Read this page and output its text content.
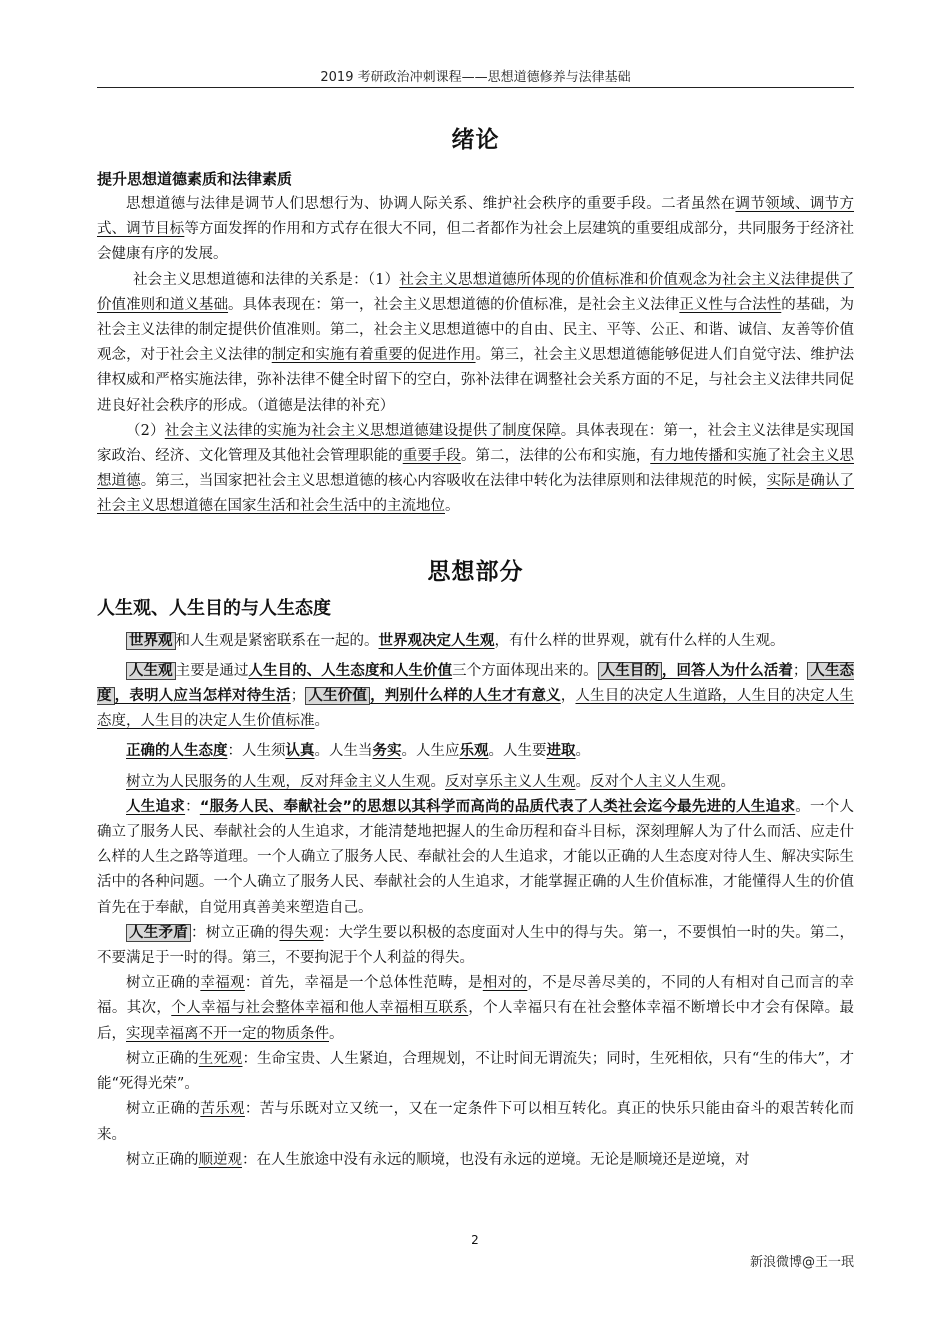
2019 考研政治冲刺课程——思想道德修养与法律基础
绪论
提升思想道德素质和法律素质

思想道德与法律是调节人们思想行为、协调人际关系、维护社会秩序的重要手段。二者虽然在调节领域、调节方式、调节目标等方面发挥的作用和方式存在很大不同，但二者都作为社会上层建筑的重要组成部分，共同服务于经济社会健康有序的发展。

社会主义思想道德和法律的关系是：（1）社会主义思想道德所体现的价值标准和价值观念为社会主义法律提供了价值准则和道义基础。具体表现在：第一，社会主义思想道德的价值标准，是社会主义法律正义性与合法性的基础，为社会主义法律的制定提供价值准则。第二，社会主义思想道德中的自由、民主、平等、公正、和谐、诚信、友善等价值观念，对于社会主义法律的制定和实施有着重要的促进作用。第三，社会主义思想道德能够促进人们自觉守法、维护法律权威和严格实施法律，弥补法律不健全时留下的空白，弥补法律在调整社会关系方面的不足，与社会主义法律共同促进良好社会秩序的形成。（道德是法律的补充）

（2）社会主义法律的实施为社会主义思想道德建设提供了制度保障。具体表现在：第一，社会主义法律是实现国家政治、经济、文化管理及其他社会管理职能的重要手段。第二，法律的公布和实施，有力地传播和实施了社会主义思想道德。第三，当国家把社会主义思想道德的核心内容吸收在法律中转化为法律原则和法律规范的时候，实际是确认了社会主义思想道德在国家生活和社会生活中的主流地位。

思想部分
人生观、人生目的与人生态度

世界观 和人生观是紧密联系在一起的。世界观决定人生观，有什么样的世界观，就有什么样的人生观。

人生观 主要是通过人生目的、人生态度和人生价值三个方面体现出来的。 人生目的 ，回答人为什么活着； 人生态度 ，表明人应当怎样对待生活； 人生价值 ，判别什么样的人生才有意义，人生目的决定人生道路，人生目的决定人生态度，人生目的决定人生价值标准。

正确的人生态度：人生须认真。人生当务实。人生应乐观。人生要进取。

树立为人民服务的人生观，反对拜金主义人生观。反对享乐主义人生观。反对个人主义人生观。

人生追求：“服务人民、奉献社会”的思想以其科学而高尚的品质代表了人类社会迄今最先进的人生追求。一个人确立了服务人民、奉献社会的人生追求，才能清楚地把握人的生命历程和奋斗目标，深刻理解人为了什么而活、应走什么样的人生之路等道理。一个人确立了服务人民、奉献社会的人生追求，才能以正确的人生态度对待人生、解决实际生活中的各种问题。一个人确立了服务人民、奉献社会的人生追求，才能掌握正确的人生价值标准，才能懂得人生的价值首先在于奉献，自觉用真善美来塑造自己。

人生矛盾 ：树立正确的得失观：大学生要以积极的态度面对人生中的得与失。第一，不要惧怕一时的失。第二，不要满足于一时的得。第三，不要拘泥于个人利益的得失。

树立正确的幸福观：首先，幸福是一个总体性范畴，是相对的，不是尽善尽美的，不同的人有相对自己而言的幸福。其次，个人幸福与社会整体幸福和他人幸福相互联系，个人幸福只有在社会整体幸福不断增长中才会有保障。最后，实现幸福离不开一定的物质条件。

树立正确的生死观：生命宝贵、人生紧迫，合理规划，不让时间无谓流失；同时，生死相依，只有“生的伟大”，才能“死得光荣”。

树立正确的苦乐观：苦与乐既对立又统一，又在一定条件下可以相互转化。真正的快乐只能由奋斗的艰苦转化而来。

树立正确的顺逆观：在人生旅途中没有永远的顺境，也没有永远的逆境。无论是顺境还是逆境，对

2
新浪微博@王一珉
